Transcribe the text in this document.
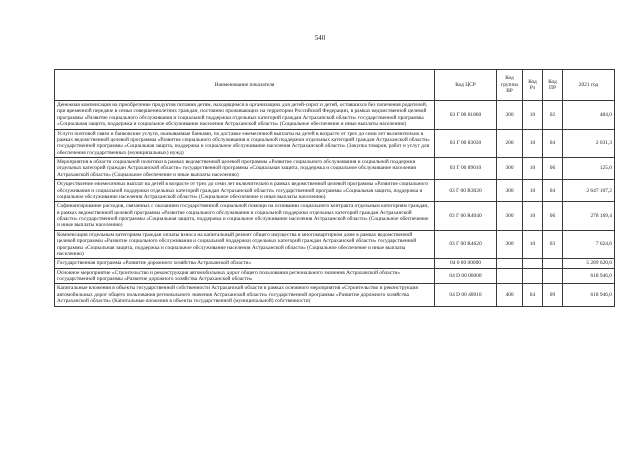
540
Наименование показателя	Код ЦСР	Код группы ВР	Код Рз	Код ПР	2021 год
Денежная компенсация на приобретение продуктов питания детям, находящимся в организациях для детей-сирот и детей, оставшихся без попечения родителей, при временной передаче в семьи совершеннолетних граждан, постоянно проживающих на территории Российской Федерации, в рамках ведомственной целевой программы «Развитие социального обслуживания и социальной поддержки отдельных категорий граждан Астраханской области» государственной программы «Социальная защита, поддержка и социальное обслуживание населения Астраханской области» (Социальное обеспечение и иные выплаты населению)	03 Г 00 81860	300	10	02	484,0
Услуги почтовой связи и банковские услуги, оказываемые банками, по доставке ежемесячной выплаты на детей в возрасте от трех до семи лет включительно в рамках ведомственной целевой программы «Развитие социального обслуживания и социальной поддержки отдельных категорий граждан Астраханской области» государственной программы «Социальная защита, поддержка и социальное обслуживание населения Астраханской области» (Закупка товаров, работ и услуг для обеспечения государственных (муниципальных) нужд)	03 Г 00 83030	200	10	04	2 031,3
Мероприятия в области социальной политики в рамках ведомственной целевой программы «Развитие социального обслуживания и социальной поддержки отдельных категорий граждан Астраханской области» государственной программы «Социальная защита, поддержка и социальное обслуживание населения Астраханской области» (Социальное обеспечение и иные выплаты населению)	03 Г 00 89010	300	10	06	125,0
Осуществление ежемесячных выплат на детей в возрасте от трех до семи лет включительно в рамках ведомственной целевой программы «Развитие социального обслуживания и социальной поддержки отдельных категорий граждан Астраханской области» государственной программы «Социальная защита, поддержка и социальное обслуживание населения Астраханской области» (Социальное обеспечение и иные выплаты населению)	03 Г 00 R3020	300	10	04	2 647 107,2
Софинансирование расходов, связанных с оказанием государственной социальной помощи на основании социального контракта отдельным категориям граждан, в рамках ведомственной целевой программы «Развитие социального обслуживания и социальной поддержки отдельных категорий граждан Астраханской области» государственной программы «Социальная защита, поддержка и социальное обслуживание населения Астраханской области» (Социальное обеспечение и иные выплаты населению)	03 Г 00 R4040	300	10	06	278 169,4
Компенсация отдельным категориям граждан оплаты взноса на капитальный ремонт общего имущества в многоквартирном доме в рамках ведомственной целевой программы «Развитие социального обслуживания и социальной поддержки отдельных категорий граждан Астраханской области» государственной программы «Социальная защита, поддержка и социальное обслуживание населения Астраханской области» (Социальное обеспечение и иные выплаты населению)	03 Г 00 R4620	300	10	03	7 624,6
Государственная программа «Развитие дорожного хозяйства Астраханской области»	04 0 00 00000				5 289 620,6
Основное мероприятие «Строительство и реконструкция автомобильных дорог общего пользования регионального значения Астраханской области» государственной программы «Развитие дорожного хозяйства Астраханской области»	04 D 00 00000				618 946,0
Капитальные вложения в объекты государственной собственности Астраханской области в рамках основного мероприятия «Строительство и реконструкция автомобильных дорог общего пользования регионального значения Астраханской области» государственной программы «Развитие дорожного хозяйства Астраханской области» (Капитальные вложения в объекты государственной (муниципальной) собственности)	04 D 00 40010	400	04	09	618 946,0
